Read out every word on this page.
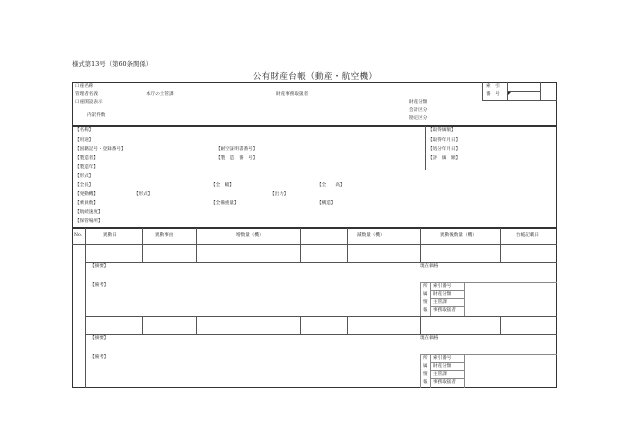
様式第13号（第60条関係）
公有財産台帳（動産・航空機）
口座名称
管理者名義	本庁の土管課	財産事務取扱者
口座開設表示
内訳件数
索　引
番　号
財産分類
会計区分
勘定区分
【名称】
【用途】
【国籍記号・登録番号】	【耐空証明書番号】
【製造者】	【製　造　番　号】
【製造年】
【形式】
【全長】	【全　幅】	【全　　高】
【発動機】	【形式】	【出力】
【乗員数】	【全備重量】	【構造】
【航続速度】
【保管場所】
【取得価額】
【取得年月日】
【処分年月日】
【評　価　額】
No.	異動日	異動事由	増数量（機）	減数量（機）	異動後数量（機）	台帳記載日
【摘要】	現在価格
【備考】	所
属
情
報
索引番号
財産分類
主管課
事務取扱者
【摘要】	現在価格
【備考】	所
属
情
報
索引番号
財産分類
主管課
事務取扱者
